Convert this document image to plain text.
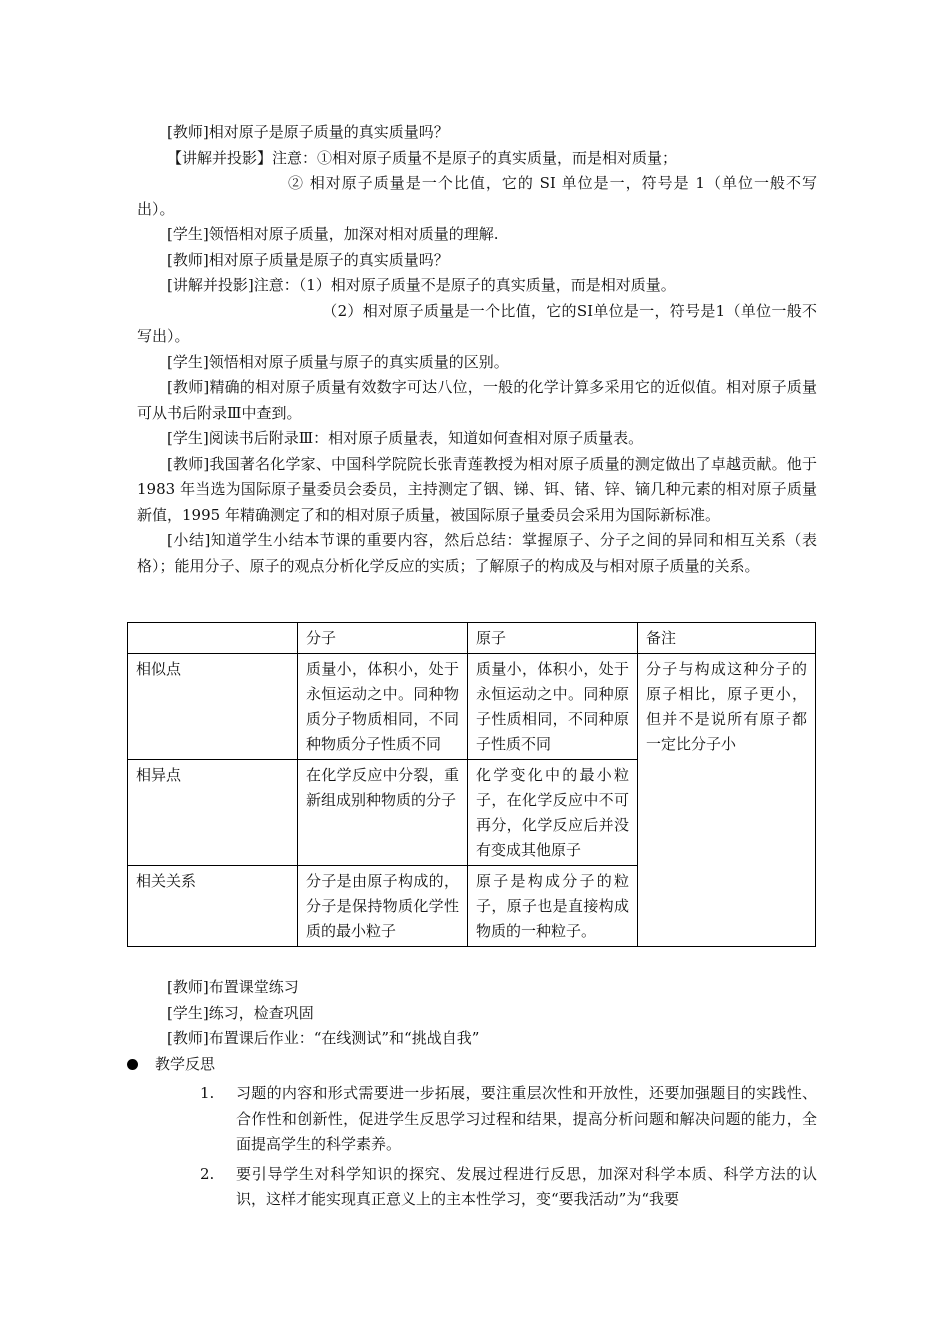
[教师]相对原子是原子质量的真实质量吗？

【讲解并投影】注意：①相对原子质量不是原子的真实质量，而是相对质量；

② 相对原子质量是一个比值，它的 SI 单位是一，符号是 1（单位一般不写出）。

[学生]领悟相对原子质量，加深对相对质量的理解.

[教师]相对原子质量是原子的真实质量吗？

[讲解并投影]注意：（1）相对原子质量不是原子的真实质量，而是相对质量。

（2）相对原子质量是一个比值，它的SI单位是一，符号是1（单位一般不写出）。

[学生]领悟相对原子质量与原子的真实质量的区别。

[教师]精确的相对原子质量有效数字可达八位，一般的化学计算多采用它的近似值。相对原子质量可从书后附录Ⅲ中查到。

[学生]阅读书后附录Ⅲ：相对原子质量表，知道如何查相对原子质量表。

[教师]我国著名化学家、中国科学院院长张青莲教授为相对原子质量的测定做出了卓越贡献。他于 1983 年当选为国际原子量委员会委员，主持测定了铟、锑、铒、锗、锌、镝几种元素的相对原子质量新值，1995 年精确测定了和的相对原子质量，被国际原子量委员会采用为国际新标准。

[小结]知道学生小结本节课的重要内容，然后总结：掌握原子、分子之间的异同和相互关系（表格）；能用分子、原子的观点分析化学反应的实质；了解原子的构成及与相对原子质量的关系。

	分子	原子	备注
相似点	质量小，体积小，处于永恒运动之中。同种物质分子物质相同，不同种物质分子性质不同	质量小，体积小，处于永恒运动之中。同种原子性质相同，不同种原子性质不同	分子与构成这种分子的原子相比，原子更小，但并不是说所有原子都一定比分子小
相异点	在化学反应中分裂，重新组成别种物质的分子	化学变化中的最小粒子，在化学反应中不可再分，化学反应后并没有变成其他原子	
相关关系	分子是由原子构成的，分子是保持物质化学性质的最小粒子	原子是构成分子的粒子，原子也是直接构成物质的一种粒子。	

[教师]布置课堂练习

[学生]练习，检查巩固

[教师]布置课后作业：“在线测试”和“挑战自我”

教学反思
1.	习题的内容和形式需要进一步拓展，要注重层次性和开放性，还要加强题目的实践性、合作性和创新性，促进学生反思学习过程和结果，提高分析问题和解决问题的能力，全面提高学生的科学素养。
2.	要引导学生对科学知识的探究、发展过程进行反思，加深对科学本质、科学方法的认识，这样才能实现真正意义上的主本性学习，变“要我活动”为“我要
